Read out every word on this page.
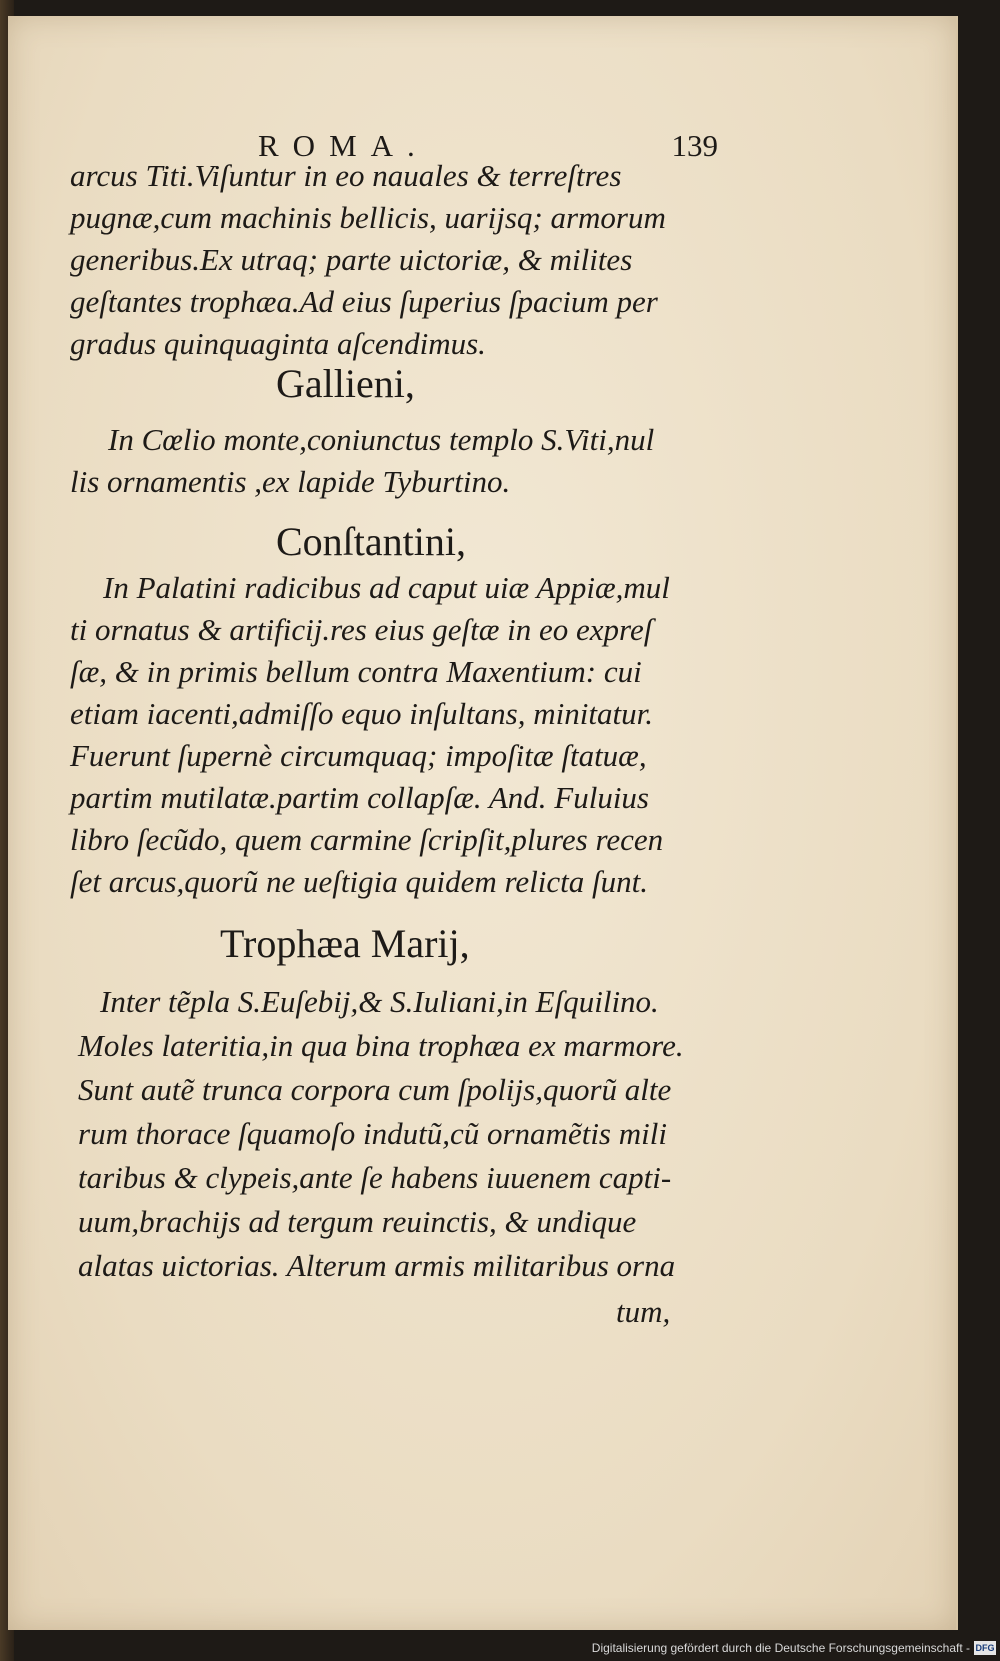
ROMA.	139
arcus Titi.Viſuntur in eo nauales & terreſtres
pugnæ,cum machinis bellicis, uarijsq; armorum
generibus.Ex utraq; parte uictoriæ, & milites
geſtantes trophæa.Ad eius ſuperius ſpacium per
gradus quinquaginta aſcendimus.
Gallieni,
In Cœlio monte,coniunctus templo S.Viti,nul
lis ornamentis ,ex lapide Tyburtino.
Conſtantini,
In Palatini radicibus ad caput uiæ Appiæ,mul
ti ornatus & artificij.res eius geſtæ in eo expreſ
ſæ, & in primis bellum contra Maxentium: cui
etiam iacenti,admiſſo equo inſultans, minitatur.
Fuerunt ſupernè circumquaq; impoſitæ ſtatuæ,
partim mutilatæ.partim collapſæ. And. Fuluius
libro ſecũdo, quem carmine ſcripſit,plures recen
ſet arcus,quorũ ne ueſtigia quidem relicta ſunt.
Trophæa Marij,
Inter tẽpla S.Euſebij,& S.Iuliani,in Eſquilino.
Moles lateritia,in qua bina trophæa ex marmore.
Sunt autẽ trunca corpora cum ſpolijs,quorũ alte
rum thorace ſquamoſo indutũ,cũ ornamẽtis mili
taribus & clypeis,ante ſe habens iuuenem capti-
uum,brachijs ad tergum reuinctis, & undique
alatas uictorias. Alterum armis militaribus orna
tum,
Digitalisierung gefördert durch die Deutsche Forschungsgemeinschaft - DFG
